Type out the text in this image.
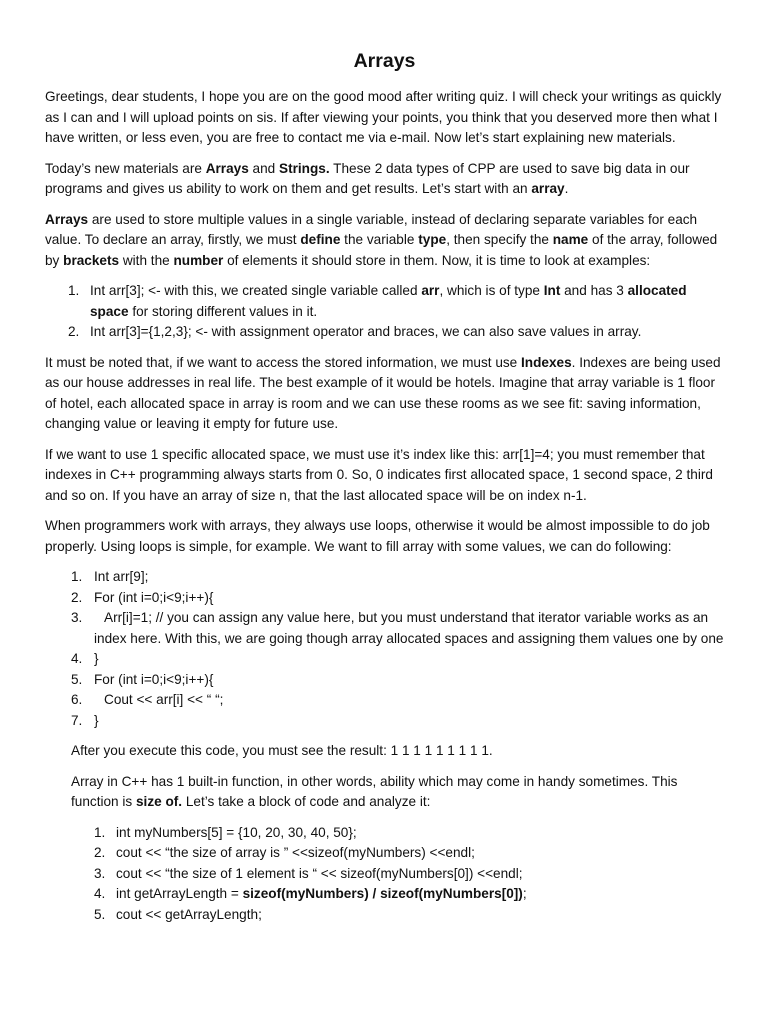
Arrays

Greetings, dear students, I hope you are on the good mood after writing quiz. I will check your writings as quickly as I can and I will upload points on sis. If after viewing your points, you think that you deserved more then what I have written, or less even, you are free to contact me via e-mail. Now let’s start explaining new materials.

Today’s new materials are Arrays and Strings. These 2 data types of CPP are used to save big data in our programs and gives us ability to work on them and get results. Let’s start with an array.

Arrays are used to store multiple values in a single variable, instead of declaring separate variables for each value. To declare an array, firstly, we must define the variable type, then specify the name of the array, followed by brackets with the number of elements it should store in them. Now, it is time to look at examples:

1. Int arr[3]; <- with this, we created single variable called arr, which is of type Int and has 3 allocated space for storing different values in it.
2. Int arr[3]={1,2,3}; <- with assignment operator and braces, we can also save values in array.

It must be noted that, if we want to access the stored information, we must use Indexes. Indexes are being used as our house addresses in real life. The best example of it would be hotels. Imagine that array variable is 1 floor of hotel, each allocated space in array is room and we can use these rooms as we see fit: saving information, changing value or leaving it empty for future use.

If we want to use 1 specific allocated space, we must use it’s index like this: arr[1]=4; you must remember that indexes in C++ programming always starts from 0. So, 0 indicates first allocated space, 1 second space, 2 third and so on. If you have an array of size n, that the last allocated space will be on index n-1.

When programmers work with arrays, they always use loops, otherwise it would be almost impossible to do job properly. Using loops is simple, for example. We want to fill array with some values, we can do following:

1. Int arr[9];
2. For (int i=0;i<9;i++){
3. Arr[i]=1; // you can assign any value here, but you must understand that iterator variable works as an index here. With this, we are going though array allocated spaces and assigning them values one by one
4. }
5. For (int i=0;i<9;i++){
6. Cout << arr[i] << “ “;
7. }

After you execute this code, you must see the result: 1 1 1 1 1 1 1 1 1.

Array in C++ has 1 built-in function, in other words, ability which may come in handy sometimes. This function is size of. Let’s take a block of code and analyze it:

1. int myNumbers[5] = {10, 20, 30, 40, 50};
2. cout << “the size of array is ” <<sizeof(myNumbers) <<endl;
3. cout << “the size of 1 element is “ << sizeof(myNumbers[0]) <<endl;
4. int getArrayLength = sizeof(myNumbers) / sizeof(myNumbers[0]);
5. cout << getArrayLength;
